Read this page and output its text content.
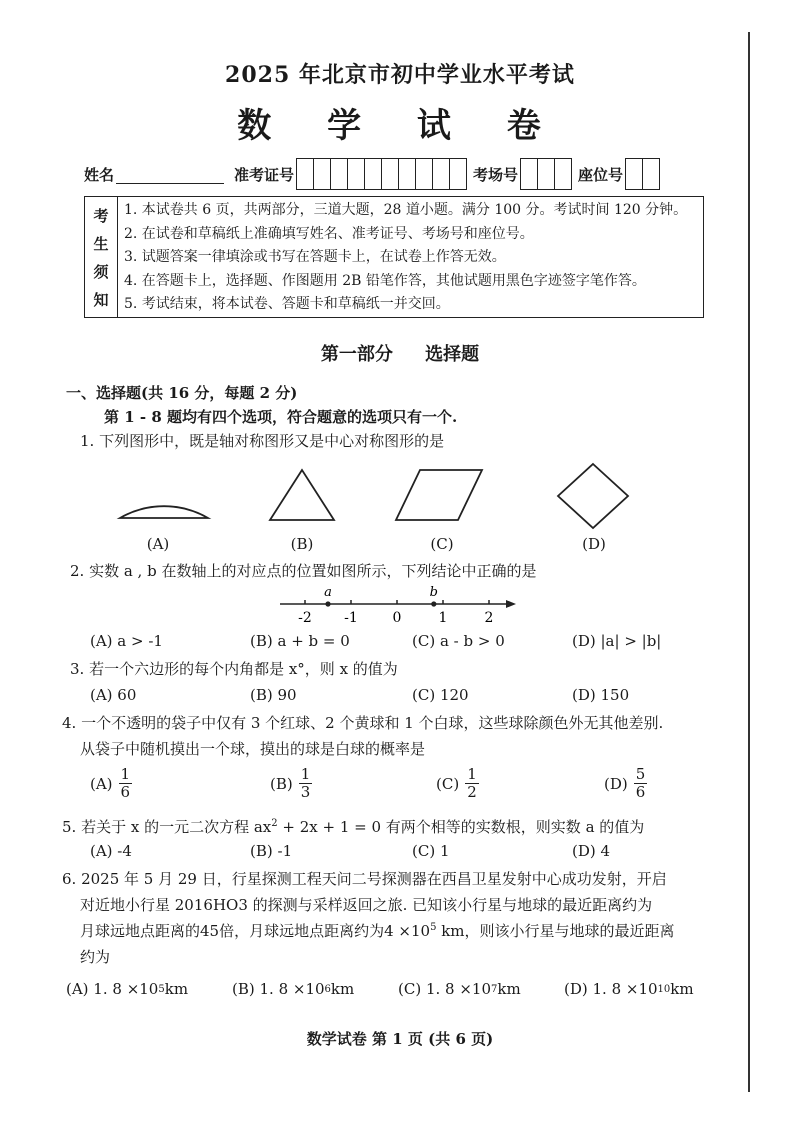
2025 年北京市初中学业水平考试
数 学 试 卷
姓名	准考证号	考场号	座位号
考
生
须
知
1. 本试卷共 6 页，共两部分，三道大题，28 道小题。满分 100 分。考试时间 120 分钟。
2. 在试卷和草稿纸上准确填写姓名、准考证号、考场号和座位号。
3. 试题答案一律填涂或书写在答题卡上，在试卷上作答无效。
4. 在答题卡上，选择题、作图题用 2B 铅笔作答，其他试题用黑色字迹签字笔作答。
5. 考试结束，将本试卷、答题卡和草稿纸一并交回。
第一部分 选择题
一、选择题(共 16 分，每题 2 分)
第 1 - 8 题均有四个选项，符合题意的选项只有一个.
1. 下列图形中，既是轴对称图形又是中心对称图形的是
(A)	(B)	(C)	(D)
2. 实数 a , b 在数轴上的对应点的位置如图所示，下列结论中正确的是
-2 -1 0	1	2
a	b
(A) a > -1	(B) a + b = 0	(C) a - b > 0	(D) |a| > |b|
3. 若一个六边形的每个内角都是 x°，则 x 的值为
(A) 60	(B) 90	(C) 120	(D) 150
4. 一个不透明的袋子中仅有 3 个红球、2 个黄球和 1 个白球，这些球除颜色外无其他差别.
从袋子中随机摸出一个球，摸出的球是白球的概率是
$(A) \frac{1}{6}$	$(B) \frac{1}{3}$	$(C) \frac{1}{2}$	$(D) \frac{5}{6}$
5. 若关于 x 的一元二次方程 $ax^2 + 2x + 1 = 0$ 有两个相等的实数根，则实数 a 的值为
(A) -4	(B) -1	(C) 1	(D) 4
6. 2025 年 5 月 29 日，行星探测工程天问二号探测器在西昌卫星发射中心成功发射，开启
对近地小行星 2016HO3 的探测与采样返回之旅. 已知该小行星与地球的最近距离约为
月球远地点距离的45倍，月球远地点距离约为$4 \times 10^5$ km，则该小行星与地球的最近距离
约为
(A) 1. 8 ×10 5 km	(B) 1. 8 ×10 6 km	(C) 1. 8 ×10 7 km	(D) 1. 8 ×10 10 km
数学试卷 第 1 页 (共 6 页)
